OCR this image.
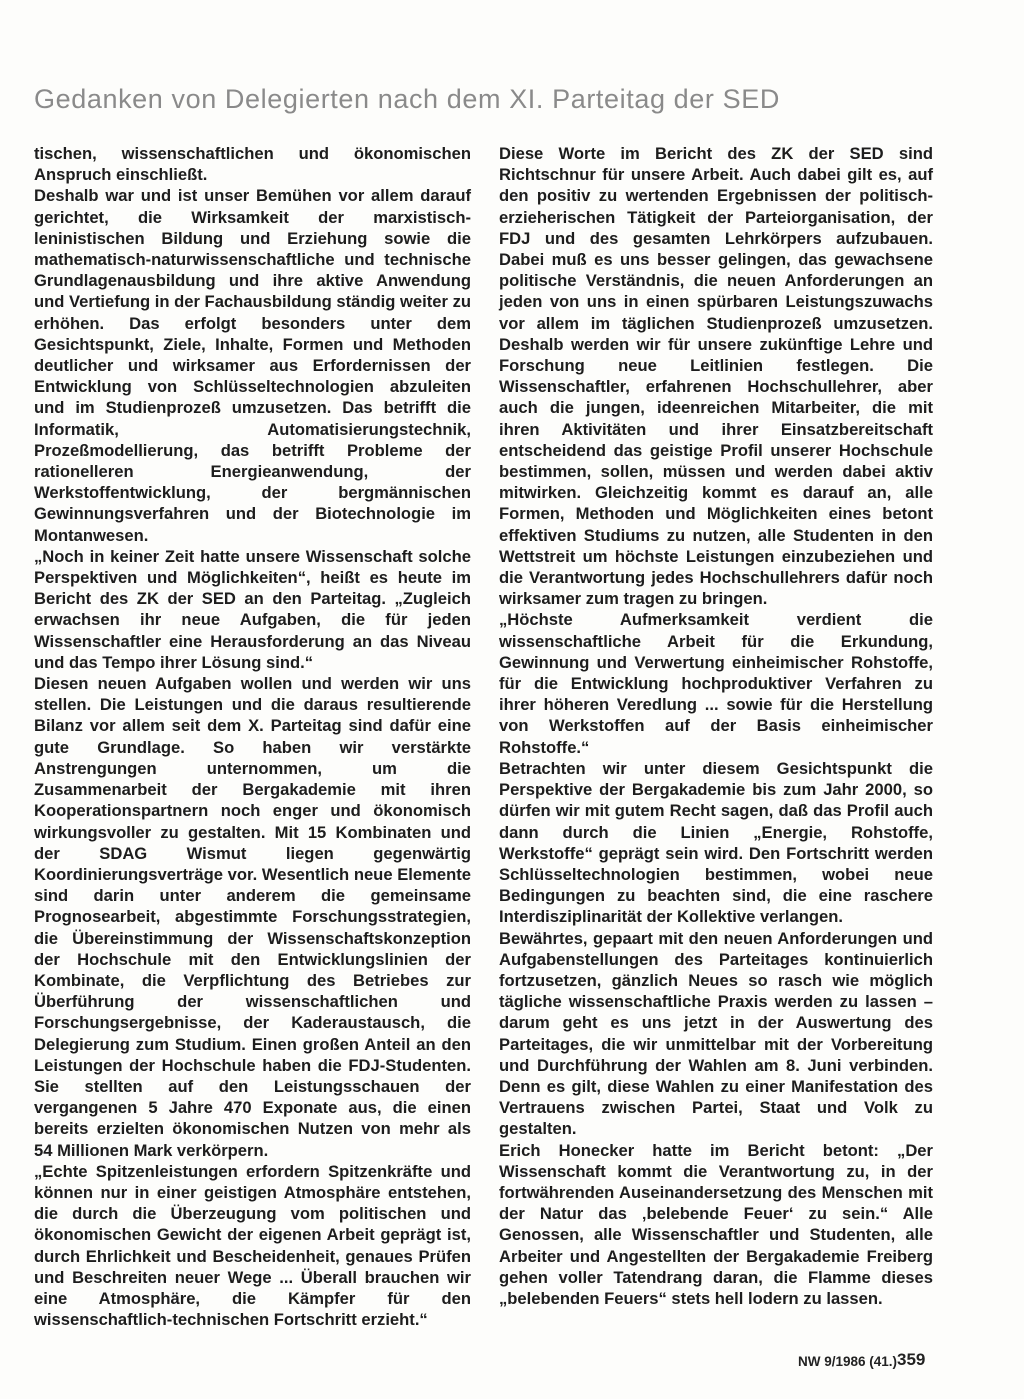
Gedanken von Delegierten nach dem XI. Parteitag der SED

tischen, wissenschaftlichen und ökonomischen Anspruch einschließt.

Deshalb war und ist unser Bemühen vor allem darauf gerichtet, die Wirksamkeit der marxistisch-leninistischen Bildung und Erziehung sowie die mathematisch-naturwissenschaftliche und technische Grundlagenausbildung und ihre aktive Anwendung und Vertiefung in der Fachausbildung ständig weiter zu erhöhen. Das erfolgt besonders unter dem Gesichtspunkt, Ziele, Inhalte, Formen und Methoden deutlicher und wirksamer aus Erfordernissen der Entwicklung von Schlüsseltechnologien abzuleiten und im Studienprozeß umzusetzen. Das betrifft die Informatik, Automatisierungstechnik, Prozeßmodellierung, das betrifft Probleme der rationelleren Energieanwendung, der Werkstoffentwicklung, der bergmännischen Gewinnungsverfahren und der Biotechnologie im Montanwesen.

„Noch in keiner Zeit hatte unsere Wissenschaft solche Perspektiven und Möglichkeiten“, heißt es heute im Bericht des ZK der SED an den Parteitag. „Zugleich erwachsen ihr neue Aufgaben, die für jeden Wissenschaftler eine Herausforderung an das Niveau und das Tempo ihrer Lösung sind.“

Diesen neuen Aufgaben wollen und werden wir uns stellen. Die Leistungen und die daraus resultierende Bilanz vor allem seit dem X. Parteitag sind dafür eine gute Grundlage. So haben wir verstärkte Anstrengungen unternommen, um die Zusammenarbeit der Bergakademie mit ihren Kooperationspartnern noch enger und ökonomisch wirkungsvoller zu gestalten. Mit 15 Kombinaten und der SDAG Wismut liegen gegenwärtig Koordinierungsverträge vor. Wesentlich neue Elemente sind darin unter anderem die gemeinsame Prognosearbeit, abgestimmte Forschungsstrategien, die Übereinstimmung der Wissenschaftskonzeption der Hochschule mit den Entwicklungslinien der Kombinate, die Verpflichtung des Betriebes zur Überführung der wissenschaftlichen und Forschungsergebnisse, der Kaderaustausch, die Delegierung zum Studium. Einen großen Anteil an den Leistungen der Hochschule haben die FDJ-Studenten. Sie stellten auf den Leistungsschauen der vergangenen 5 Jahre 470 Exponate aus, die einen bereits erzielten ökonomischen Nutzen von mehr als 54 Millionen Mark verkörpern.

„Echte Spitzenleistungen erfordern Spitzenkräfte und können nur in einer geistigen Atmosphäre entstehen, die durch die Überzeugung vom politischen und ökonomischen Gewicht der eigenen Arbeit geprägt ist, durch Ehrlichkeit und Bescheidenheit, genaues Prüfen und Beschreiten neuer Wege ... Überall brauchen wir eine Atmosphäre, die Kämpfer für den wissenschaftlich-technischen Fortschritt erzieht.“

Diese Worte im Bericht des ZK der SED sind Richtschnur für unsere Arbeit. Auch dabei gilt es, auf den positiv zu wertenden Ergebnissen der politisch-erzieherischen Tätigkeit der Parteiorganisation, der FDJ und des gesamten Lehrkörpers aufzubauen. Dabei muß es uns besser gelingen, das gewachsene politische Verständnis, die neuen Anforderungen an jeden von uns in einen spürbaren Leistungszuwachs vor allem im täglichen Studienprozeß umzusetzen. Deshalb werden wir für unsere zukünftige Lehre und Forschung neue Leitlinien festlegen. Die Wissenschaftler, erfahrenen Hochschullehrer, aber auch die jungen, ideenreichen Mitarbeiter, die mit ihren Aktivitäten und ihrer Einsatzbereitschaft entscheidend das geistige Profil unserer Hochschule bestimmen, sollen, müssen und werden dabei aktiv mitwirken. Gleichzeitig kommt es darauf an, alle Formen, Methoden und Möglichkeiten eines betont effektiven Studiums zu nutzen, alle Studenten in den Wettstreit um höchste Leistungen einzubeziehen und die Verantwortung jedes Hochschullehrers dafür noch wirksamer zum tragen zu bringen.

„Höchste Aufmerksamkeit verdient die wissenschaftliche Arbeit für die Erkundung, Gewinnung und Verwertung einheimischer Rohstoffe, für die Entwicklung hochproduktiver Verfahren zu ihrer höheren Veredlung ... sowie für die Herstellung von Werkstoffen auf der Basis einheimischer Rohstoffe.“

Betrachten wir unter diesem Gesichtspunkt die Perspektive der Bergakademie bis zum Jahr 2000, so dürfen wir mit gutem Recht sagen, daß das Profil auch dann durch die Linien „Energie, Rohstoffe, Werkstoffe“ geprägt sein wird. Den Fortschritt werden Schlüsseltechnologien bestimmen, wobei neue Bedingungen zu beachten sind, die eine raschere Interdisziplinarität der Kollektive verlangen.

Bewährtes, gepaart mit den neuen Anforderungen und Aufgabenstellungen des Parteitages kontinuierlich fortzusetzen, gänzlich Neues so rasch wie möglich tägliche wissenschaftliche Praxis werden zu lassen – darum geht es uns jetzt in der Auswertung des Parteitages, die wir unmittelbar mit der Vorbereitung und Durchführung der Wahlen am 8. Juni verbinden. Denn es gilt, diese Wahlen zu einer Manifestation des Vertrauens zwischen Partei, Staat und Volk zu gestalten.

Erich Honecker hatte im Bericht betont: „Der Wissenschaft kommt die Verantwortung zu, in der fortwährenden Auseinandersetzung des Menschen mit der Natur das ‚belebende Feuer‘ zu sein.“ Alle Genossen, alle Wissenschaftler und Studenten, alle Arbeiter und Angestellten der Bergakademie Freiberg gehen voller Tatendrang daran, die Flamme dieses „belebenden Feuers“ stets hell lodern zu lassen.

NW 9/1986 (41.) 359
